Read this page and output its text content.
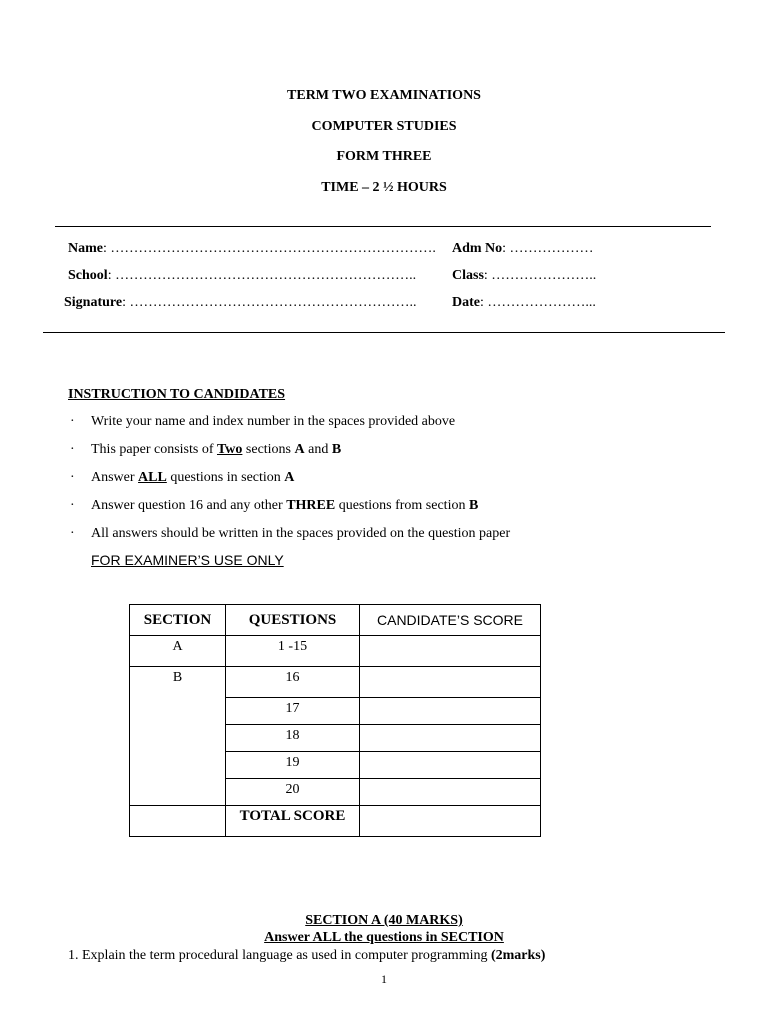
TERM TWO EXAMINATIONS
COMPUTER STUDIES
FORM THREE
TIME – 2 ½ HOURS
Name: ……………………………………………………………. Adm No: ………………
School: ………………………………………………………..	Class: …………………..
Signature: ……………………………………………………..	Date: …………………...
INSTRUCTION TO CANDIDATES
· Write your name and index number in the spaces provided above
· This paper consists of Two sections A and B
· Answer ALL questions in section A
· Answer question 16 and any other THREE questions from section B
· All answers should be written in the spaces provided on the question paper
FOR EXAMINER’S USE ONLY
SECTION	QUESTIONS	CANDIDATE’S SCORE
A	1 -15	
B	16	
	17	
	18	
	19	
	20	
	TOTAL SCORE	
SECTION A (40 MARKS)
Answer ALL the questions in SECTION
1. Explain the term procedural language as used in computer programming (2marks)
1
